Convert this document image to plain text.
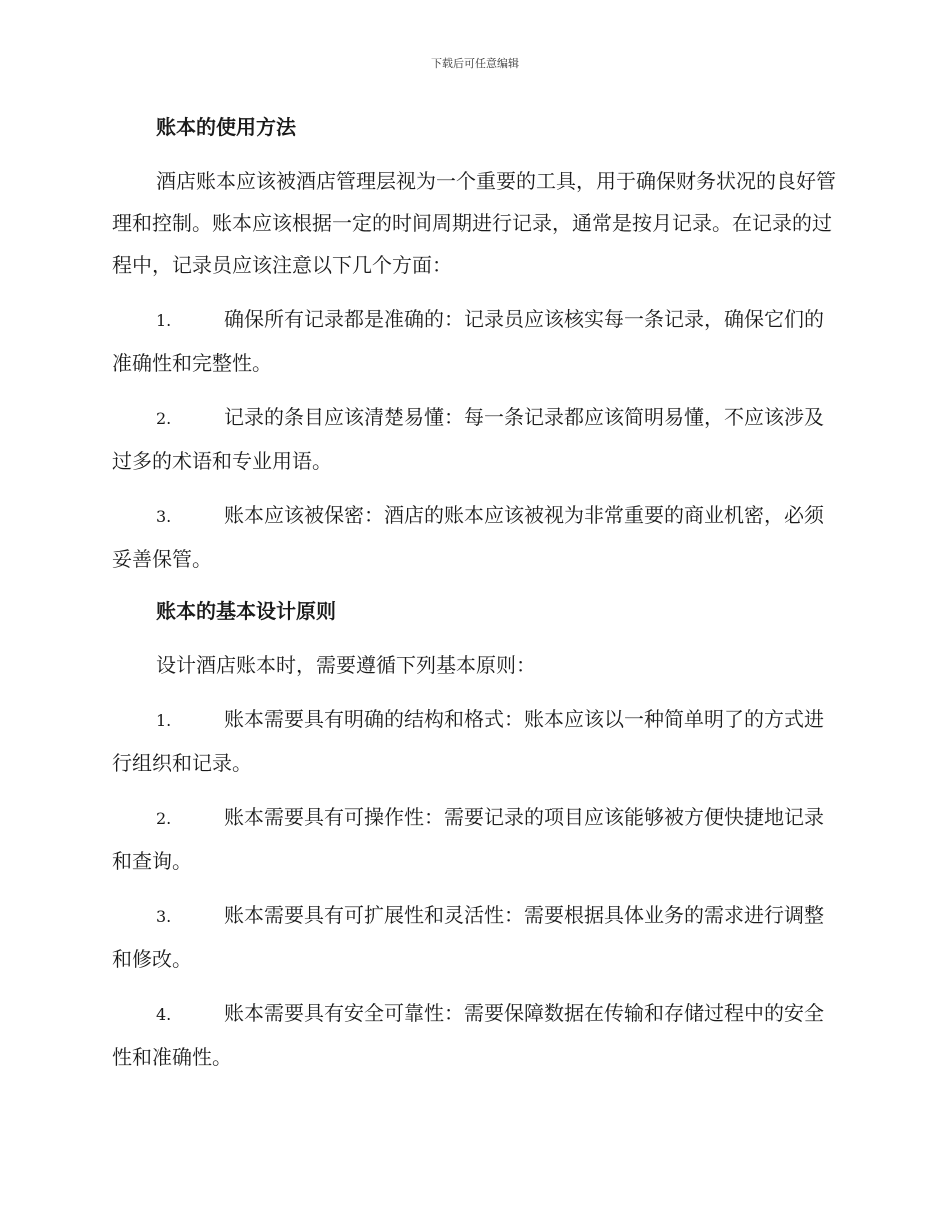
下载后可任意编辑
账本的使用方法

酒店账本应该被酒店管理层视为一个重要的工具，用于确保财务状况的良好管理和控制。账本应该根据一定的时间周期进行记录，通常是按月记录。在记录的过程中，记录员应该注意以下几个方面：

1.	确保所有记录都是准确的：记录员应该核实每一条记录，确保它们的准确性和完整性。
2.	记录的条目应该清楚易懂：每一条记录都应该简明易懂，不应该涉及过多的术语和专业用语。
3.	账本应该被保密：酒店的账本应该被视为非常重要的商业机密，必须妥善保管。
账本的基本设计原则

设计酒店账本时，需要遵循下列基本原则：

1.	账本需要具有明确的结构和格式：账本应该以一种简单明了的方式进行组织和记录。
2.	账本需要具有可操作性：需要记录的项目应该能够被方便快捷地记录和查询。
3.	账本需要具有可扩展性和灵活性：需要根据具体业务的需求进行调整和修改。
4.	账本需要具有安全可靠性：需要保障数据在传输和存储过程中的安全性和准确性。
